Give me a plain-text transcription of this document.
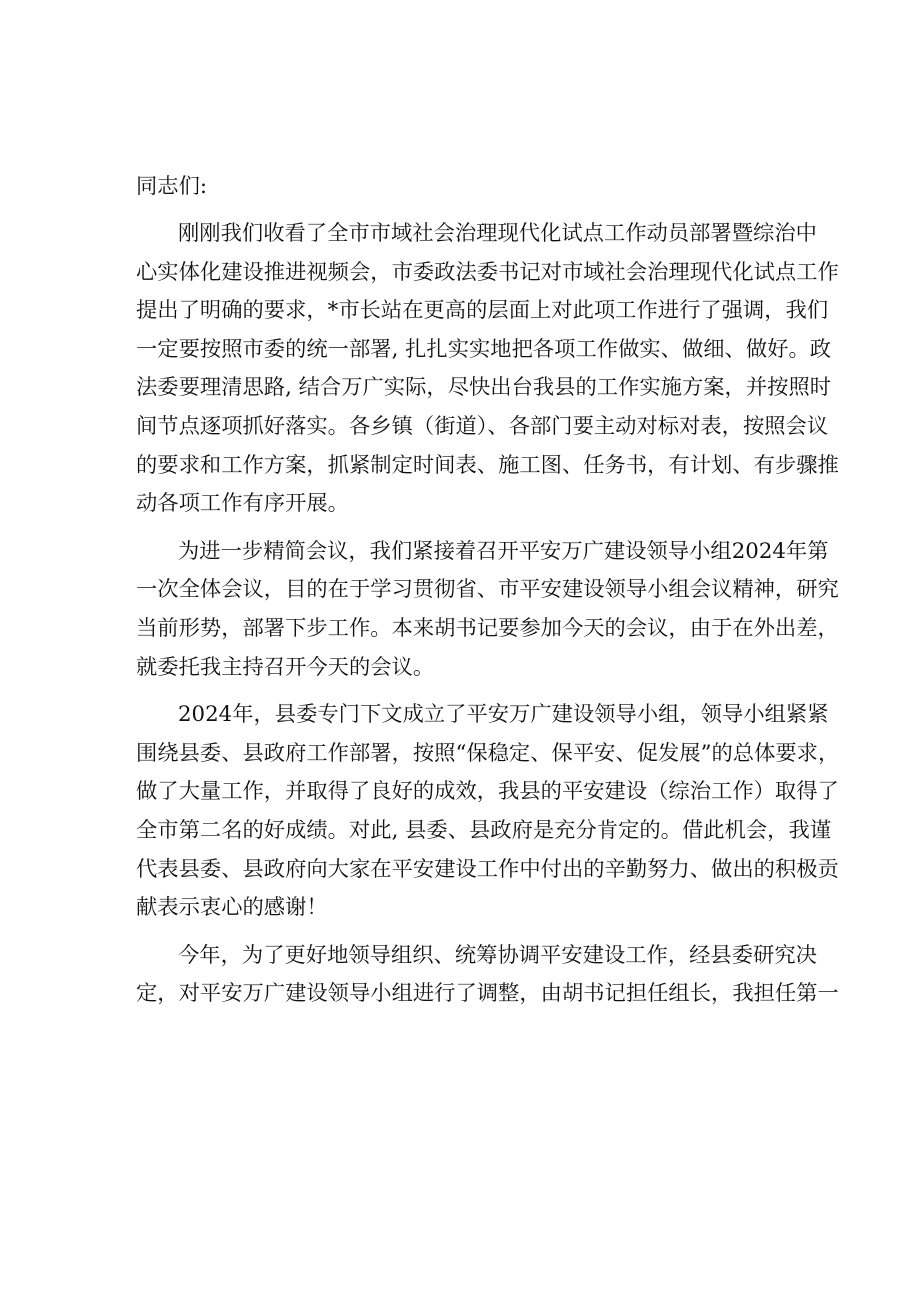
同志们:
刚刚我们收看了全市市域社会治理现代化试点工作动员部署暨综治中
心实体化建设推进视频会，市委政法委书记对市域社会治理现代化试点工作
提出了明确的要求，*市长站在更高的层面上对此项工作进行了强调，我们
一定要按照市委的统一部署, 扎扎实实地把各项工作做实、做细、做好。政
法委要理清思路, 结合万广实际，尽快出台我县的工作实施方案，并按照时
间节点逐项抓好落实。各乡镇（街道）、各部门要主动对标对表，按照会议
的要求和工作方案，抓紧制定时间表、施工图、任务书，有计划、有步骤推
动各项工作有序开展。
为进一步精简会议，我们紧接着召开平安万广建设领导小组2024年第
一次全体会议，目的在于学习贯彻省、市平安建设领导小组会议精神，研究
当前形势，部署下步工作。本来胡书记要参加今天的会议，由于在外出差，
就委托我主持召开今天的会议。
2024年，县委专门下文成立了平安万广建设领导小组，领导小组紧紧
围绕县委、县政府工作部署，按照“保稳定、保平安、促发展”的总体要求，
做了大量工作，并取得了良好的成效，我县的平安建设（综治工作）取得了
全市第二名的好成绩。对此, 县委、县政府是充分肯定的。借此机会，我谨
代表县委、县政府向大家在平安建设工作中付出的辛勤努力、做出的积极贡
献表示衷心的感谢！
今年，为了更好地领导组织、统筹协调平安建设工作，经县委研究决
定，对平安万广建设领导小组进行了调整，由胡书记担任组长，我担任第一
